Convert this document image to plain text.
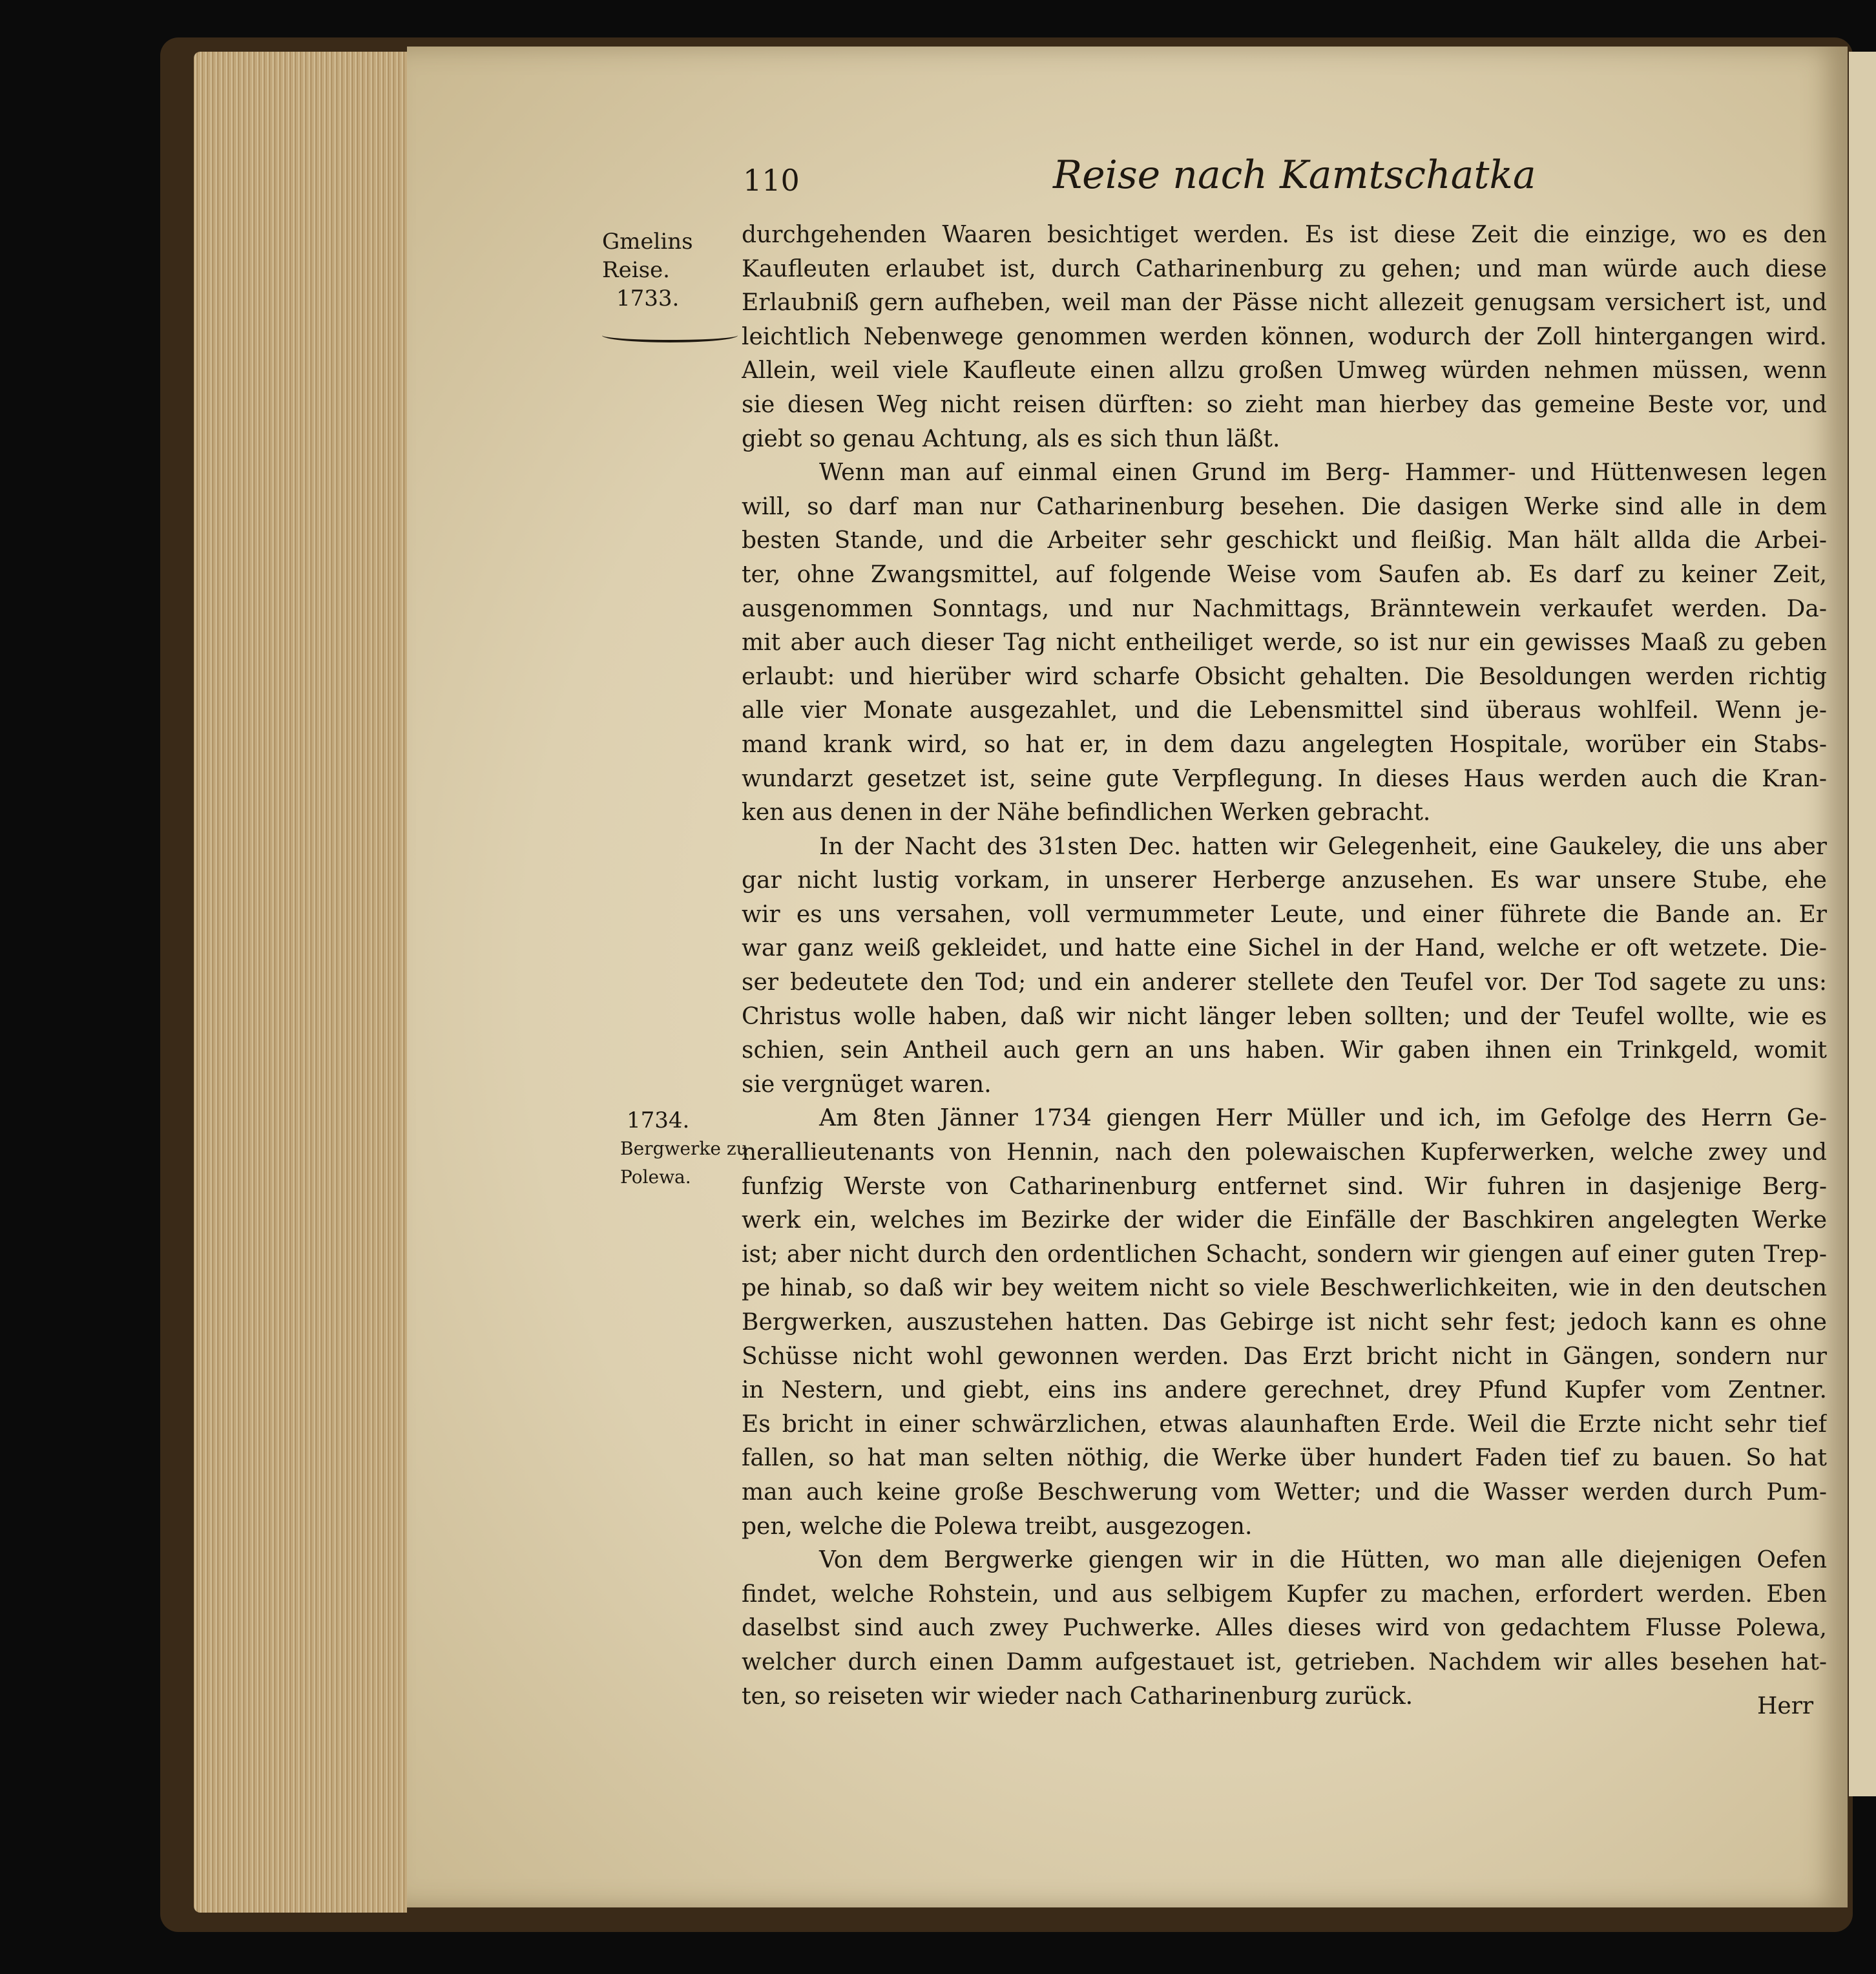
110	Reise nach Kamtschatka
Gmelins
Reise.
1733.
1734.
Bergwerke zu
Polewa.
durchgehenden Waaren besichtiget werden. Es ist diese Zeit die einzige, wo es den
Kaufleuten erlaubet ist, durch Catharinenburg zu gehen; und man würde auch diese
Erlaubniß gern aufheben, weil man der Pässe nicht allezeit genugsam versichert ist, und
leichtlich Nebenwege genommen werden können, wodurch der Zoll hintergangen wird.
Allein, weil viele Kaufleute einen allzu großen Umweg würden nehmen müssen, wenn
sie diesen Weg nicht reisen dürften: so zieht man hierbey das gemeine Beste vor, und
giebt so genau Achtung, als es sich thun läßt.
Wenn man auf einmal einen Grund im Berg- Hammer- und Hüttenwesen legen
will, so darf man nur Catharinenburg besehen. Die dasigen Werke sind alle in dem
besten Stande, und die Arbeiter sehr geschickt und fleißig. Man hält allda die Arbei-
ter, ohne Zwangsmittel, auf folgende Weise vom Saufen ab. Es darf zu keiner Zeit,
ausgenommen Sonntags, und nur Nachmittags, Bränntewein verkaufet werden. Da-
mit aber auch dieser Tag nicht entheiliget werde, so ist nur ein gewisses Maaß zu geben
erlaubt: und hierüber wird scharfe Obsicht gehalten. Die Besoldungen werden richtig
alle vier Monate ausgezahlet, und die Lebensmittel sind überaus wohlfeil. Wenn je-
mand krank wird, so hat er, in dem dazu angelegten Hospitale, worüber ein Stabs-
wundarzt gesetzet ist, seine gute Verpflegung. In dieses Haus werden auch die Kran-
ken aus denen in der Nähe befindlichen Werken gebracht.
In der Nacht des 31sten Dec. hatten wir Gelegenheit, eine Gaukeley, die uns aber
gar nicht lustig vorkam, in unserer Herberge anzusehen. Es war unsere Stube, ehe
wir es uns versahen, voll vermummeter Leute, und einer führete die Bande an. Er
war ganz weiß gekleidet, und hatte eine Sichel in der Hand, welche er oft wetzete. Die-
ser bedeutete den Tod; und ein anderer stellete den Teufel vor. Der Tod sagete zu uns:
Christus wolle haben, daß wir nicht länger leben sollten; und der Teufel wollte, wie es
schien, sein Antheil auch gern an uns haben. Wir gaben ihnen ein Trinkgeld, womit
sie vergnüget waren.
Am 8ten Jänner 1734 giengen Herr Müller und ich, im Gefolge des Herrn Ge-
nerallieutenants von Hennin, nach den polewaischen Kupferwerken, welche zwey und
funfzig Werste von Catharinenburg entfernet sind. Wir fuhren in dasjenige Berg-
werk ein, welches im Bezirke der wider die Einfälle der Baschkiren angelegten Werke
ist; aber nicht durch den ordentlichen Schacht, sondern wir giengen auf einer guten Trep-
pe hinab, so daß wir bey weitem nicht so viele Beschwerlichkeiten, wie in den deutschen
Bergwerken, auszustehen hatten. Das Gebirge ist nicht sehr fest; jedoch kann es ohne
Schüsse nicht wohl gewonnen werden. Das Erzt bricht nicht in Gängen, sondern nur
in Nestern, und giebt, eins ins andere gerechnet, drey Pfund Kupfer vom Zentner.
Es bricht in einer schwärzlichen, etwas alaunhaften Erde. Weil die Erzte nicht sehr tief
fallen, so hat man selten nöthig, die Werke über hundert Faden tief zu bauen. So hat
man auch keine große Beschwerung vom Wetter; und die Wasser werden durch Pum-
pen, welche die Polewa treibt, ausgezogen.
Von dem Bergwerke giengen wir in die Hütten, wo man alle diejenigen Oefen
findet, welche Rohstein, und aus selbigem Kupfer zu machen, erfordert werden. Eben
daselbst sind auch zwey Puchwerke. Alles dieses wird von gedachtem Flusse Polewa,
welcher durch einen Damm aufgestauet ist, getrieben. Nachdem wir alles besehen hat-
ten, so reiseten wir wieder nach Catharinenburg zurück.	Herr
